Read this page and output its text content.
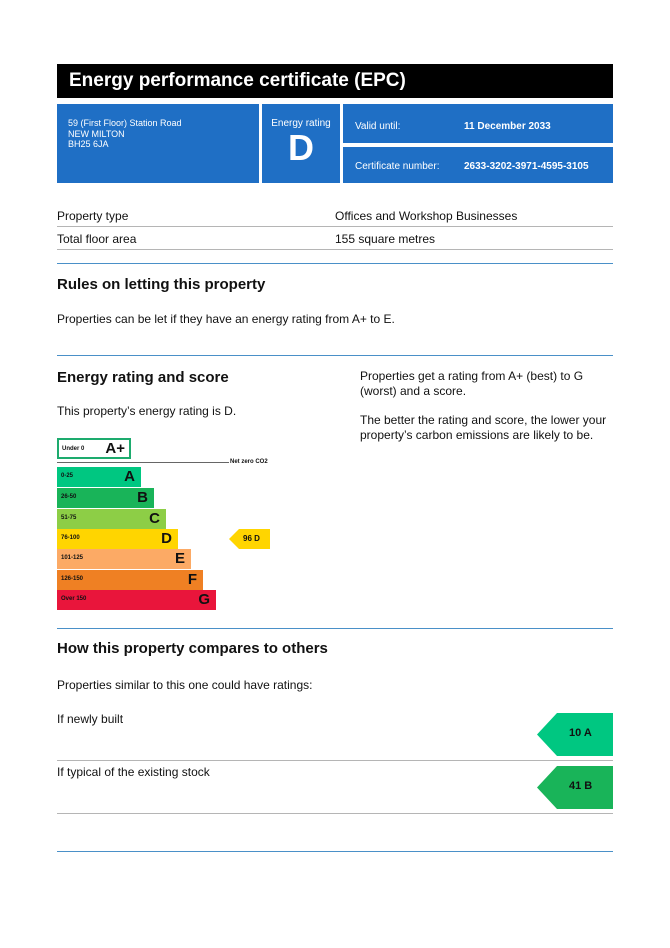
Energy performance certificate (EPC)
59 (First Floor) Station Road
NEW MILTON
BH25 6JA
Energy rating
D
Valid until:	11 December 2033
Certificate number: 2633-3202-3971-4595-3105
Property type	Offices and Workshop Businesses
Total floor area	155 square metres
Rules on letting this property
Properties can be let if they have an energy rating from A+ to E.
Energy rating and score
This property’s energy rating is D.
Properties get a rating from A+ (best) to G (worst) and a score.
The better the rating and score, the lower your property’s carbon emissions are likely to be.
Under 0 A+
Net zero CO2
0-25	A
26-50	B
51-75	C
76-100	D
101-125	E
126-150	F
Over 150	G
96 D
How this property compares to others
Properties similar to this one could have ratings:
If newly built
10 A
If typical of the existing stock
41 B
